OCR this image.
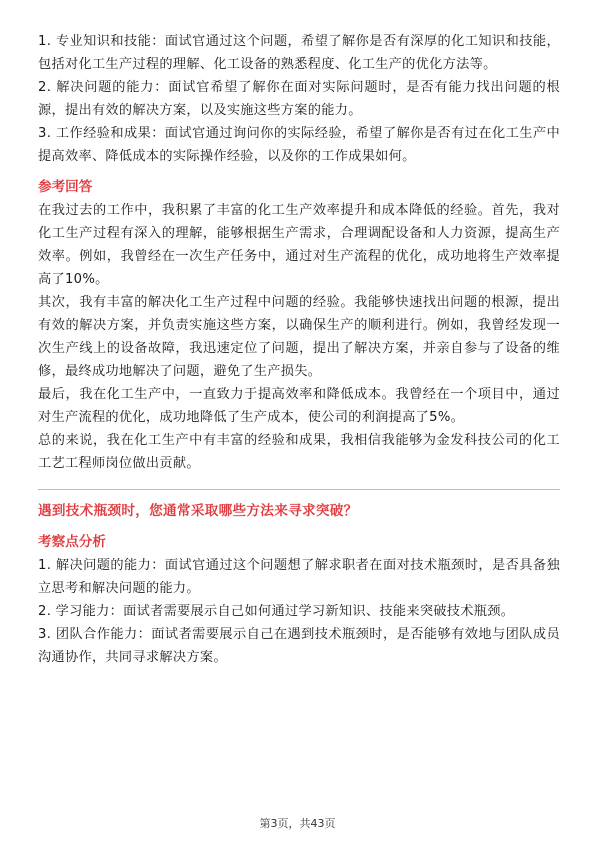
1. 专业知识和技能：面试官通过这个问题，希望了解你是否有深厚的化工知识和技能，包括对化工生产过程的理解、化工设备的熟悉程度、化工生产的优化方法等。

2. 解决问题的能力：面试官希望了解你在面对实际问题时，是否有能力找出问题的根源，提出有效的解决方案，以及实施这些方案的能力。

3. 工作经验和成果：面试官通过询问你的实际经验，希望了解你是否有过在化工生产中提高效率、降低成本的实际操作经验，以及你的工作成果如何。

参考回答

在我过去的工作中，我积累了丰富的化工生产效率提升和成本降低的经验。首先，我对化工生产过程有深入的理解，能够根据生产需求，合理调配设备和人力资源，提高生产效率。例如，我曾经在一次生产任务中，通过对生产流程的优化，成功地将生产效率提高了10%。

其次，我有丰富的解决化工生产过程中问题的经验。我能够快速找出问题的根源，提出有效的解决方案，并负责实施这些方案，以确保生产的顺利进行。例如，我曾经发现一次生产线上的设备故障，我迅速定位了问题，提出了解决方案，并亲自参与了设备的维修，最终成功地解决了问题，避免了生产损失。

最后，我在化工生产中，一直致力于提高效率和降低成本。我曾经在一个项目中，通过对生产流程的优化，成功地降低了生产成本，使公司的利润提高了5%。

总的来说，我在化工生产中有丰富的经验和成果，我相信我能够为金发科技公司的化工工艺工程师岗位做出贡献。

遇到技术瓶颈时，您通常采取哪些方法来寻求突破？
考察点分析

1. 解决问题的能力：面试官通过这个问题想了解求职者在面对技术瓶颈时，是否具备独立思考和解决问题的能力。

2. 学习能力：面试者需要展示自己如何通过学习新知识、技能来突破技术瓶颈。

3. 团队合作能力：面试者需要展示自己在遇到技术瓶颈时，是否能够有效地与团队成员沟通协作，共同寻求解决方案。

第3页，共43页
